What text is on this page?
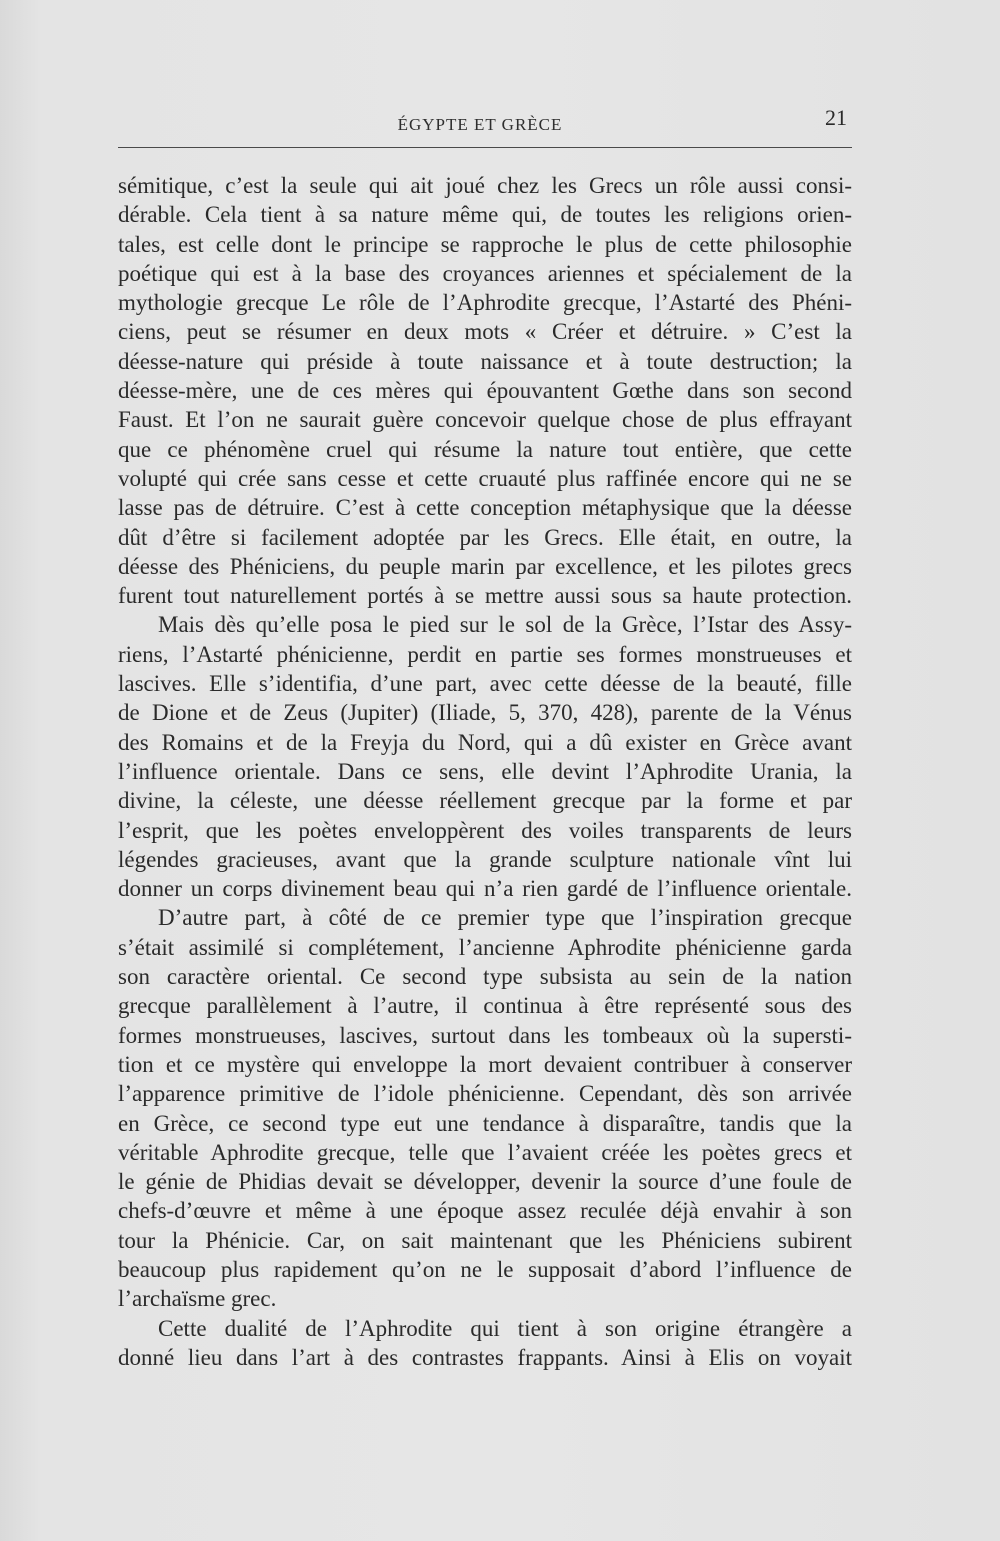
ÉGYPTE ET GRÈCE	21
sémitique, c’est la seule qui ait joué chez les Grecs un rôle aussi consi-
dérable. Cela tient à sa nature même qui, de toutes les religions orien-
tales, est celle dont le principe se rapproche le plus de cette philosophie
poétique qui est à la base des croyances ariennes et spécialement de la
mythologie grecque Le rôle de l’Aphrodite grecque, l’Astarté des Phéni-
ciens, peut se résumer en deux mots « Créer et détruire. » C’est la
déesse-nature qui préside à toute naissance et à toute destruction; la
déesse-mère, une de ces mères qui épouvantent Gœthe dans son second
Faust. Et l’on ne saurait guère concevoir quelque chose de plus effrayant
que ce phénomène cruel qui résume la nature tout entière, que cette
volupté qui crée sans cesse et cette cruauté plus raffinée encore qui ne se
lasse pas de détruire. C’est à cette conception métaphysique que la déesse
dût d’être si facilement adoptée par les Grecs. Elle était, en outre, la
déesse des Phéniciens, du peuple marin par excellence, et les pilotes grecs
furent tout naturellement portés à se mettre aussi sous sa haute protection.
Mais dès qu’elle posa le pied sur le sol de la Grèce, l’Istar des Assy-
riens, l’Astarté phénicienne, perdit en partie ses formes monstrueuses et
lascives. Elle s’identifia, d’une part, avec cette déesse de la beauté, fille
de Dione et de Zeus (Jupiter) (Iliade, 5, 370, 428), parente de la Vénus
des Romains et de la Freyja du Nord, qui a dû exister en Grèce avant
l’influence orientale. Dans ce sens, elle devint l’Aphrodite Urania, la
divine, la céleste, une déesse réellement grecque par la forme et par
l’esprit, que les poètes enveloppèrent des voiles transparents de leurs
légendes gracieuses, avant que la grande sculpture nationale vînt lui
donner un corps divinement beau qui n’a rien gardé de l’influence orientale.
D’autre part, à côté de ce premier type que l’inspiration grecque
s’était assimilé si complétement, l’ancienne Aphrodite phénicienne garda
son caractère oriental. Ce second type subsista au sein de la nation
grecque parallèlement à l’autre, il continua à être représenté sous des
formes monstrueuses, lascives, surtout dans les tombeaux où la supersti-
tion et ce mystère qui enveloppe la mort devaient contribuer à conserver
l’apparence primitive de l’idole phénicienne. Cependant, dès son arrivée
en Grèce, ce second type eut une tendance à disparaître, tandis que la
véritable Aphrodite grecque, telle que l’avaient créée les poètes grecs et
le génie de Phidias devait se développer, devenir la source d’une foule de
chefs-d’œuvre et même à une époque assez reculée déjà envahir à son
tour la Phénicie. Car, on sait maintenant que les Phéniciens subirent
beaucoup plus rapidement qu’on ne le supposait d’abord l’influence de
l’archaïsme grec.
Cette dualité de l’Aphrodite qui tient à son origine étrangère a
donné lieu dans l’art à des contrastes frappants. Ainsi à Elis on voyait
